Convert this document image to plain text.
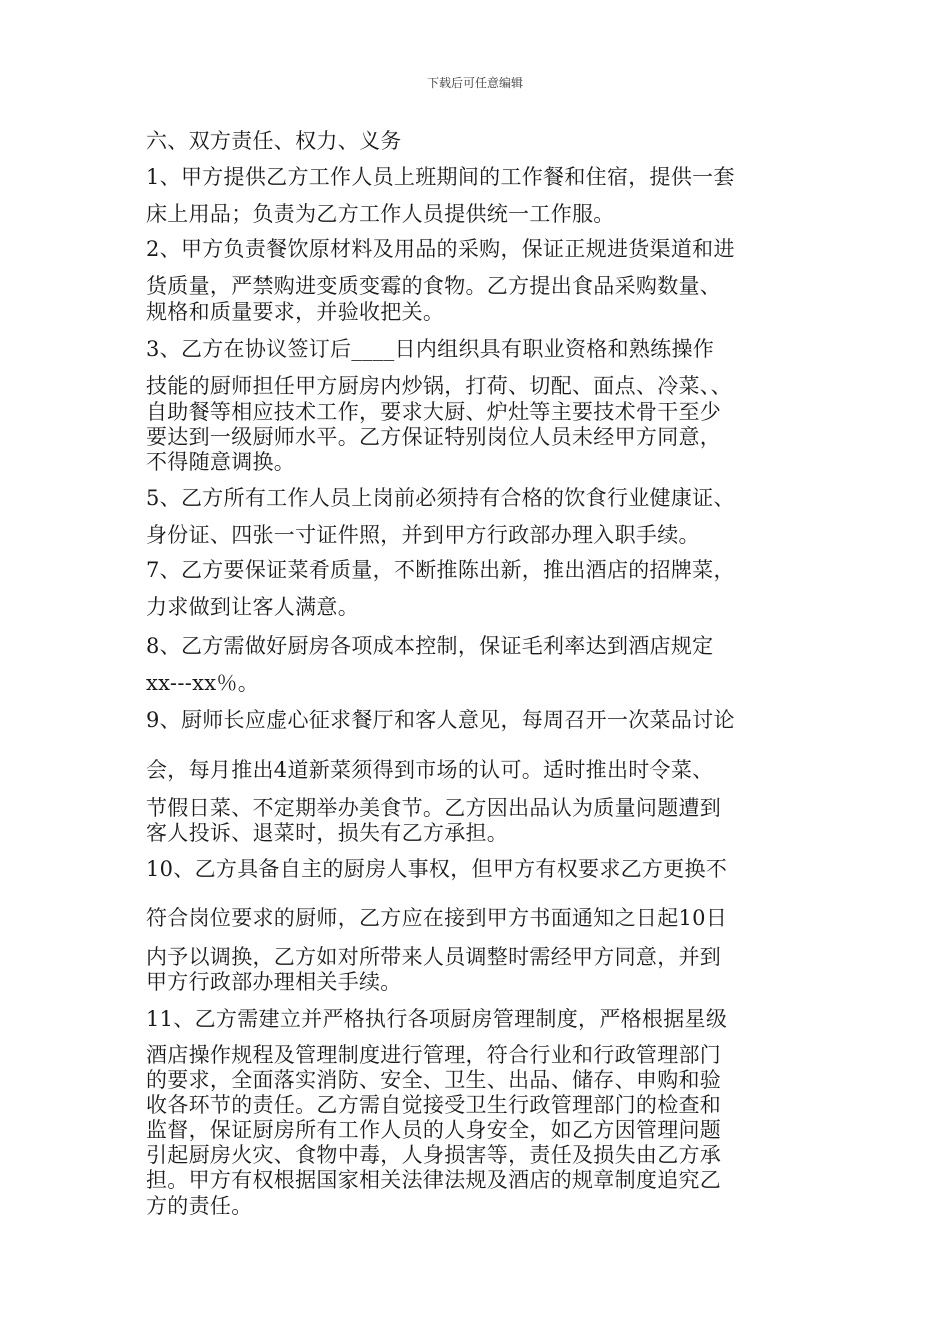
下载后可任意编辑
六、双方责任、权力、义务
1、甲方提供乙方工作人员上班期间的工作餐和住宿，提供一套
床上用品；负责为乙方工作人员提供统一工作服。
2、甲方负责餐饮原材料及用品的采购，保证正规进货渠道和进
货质量，严禁购进变质变霉的食物。乙方提出食品采购数量、
规格和质量要求，并验收把关。
3、乙方在协议签订后____日内组织具有职业资格和熟练操作
技能的厨师担任甲方厨房内炒锅，打荷、切配、面点、冷菜、、
自助餐等相应技术工作，要求大厨、炉灶等主要技术骨干至少
要达到一级厨师水平。乙方保证特别岗位人员未经甲方同意，
不得随意调换。
5、乙方所有工作人员上岗前必须持有合格的饮食行业健康证、
身份证、四张一寸证件照，并到甲方行政部办理入职手续。
7、乙方要保证菜肴质量，不断推陈出新，推出酒店的招牌菜，
力求做到让客人满意。
8、乙方需做好厨房各项成本控制，保证毛利率达到酒店规定
xx---xx％。
9、厨师长应虚心征求餐厅和客人意见，每周召开一次菜品讨论
会，每月推出4道新菜须得到市场的认可。适时推出时令菜、
节假日菜、不定期举办美食节。乙方因出品认为质量问题遭到
客人投诉、退菜时，损失有乙方承担。
10、乙方具备自主的厨房人事权，但甲方有权要求乙方更换不
符合岗位要求的厨师，乙方应在接到甲方书面通知之日起10日
内予以调换，乙方如对所带来人员调整时需经甲方同意，并到
甲方行政部办理相关手续。
11、乙方需建立并严格执行各项厨房管理制度，严格根据星级
酒店操作规程及管理制度进行管理，符合行业和行政管理部门
的要求，全面落实消防、安全、卫生、出品、储存、申购和验
收各环节的责任。乙方需自觉接受卫生行政管理部门的检查和
监督，保证厨房所有工作人员的人身安全，如乙方因管理问题
引起厨房火灾、食物中毒，人身损害等，责任及损失由乙方承
担。甲方有权根据国家相关法律法规及酒店的规章制度追究乙
方的责任。
